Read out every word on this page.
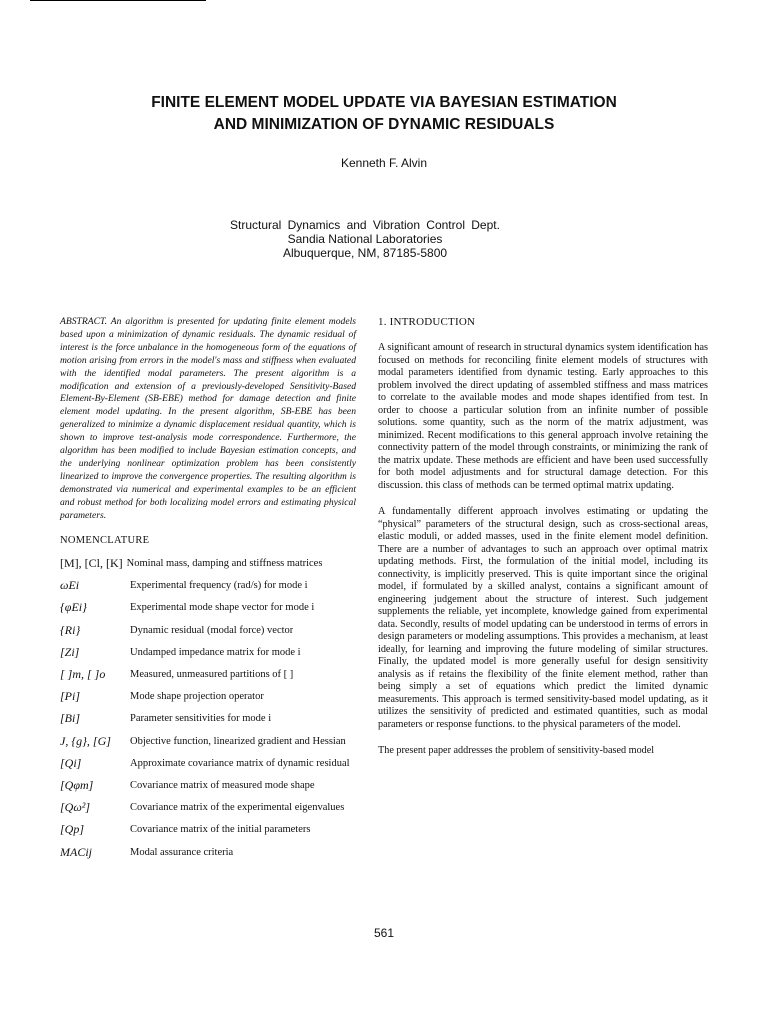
FINITE ELEMENT MODEL UPDATE VIA BAYESIAN ESTIMATION
AND MINIMIZATION OF DYNAMIC RESIDUALS
Kenneth F. Alvin
Structural Dynamics and Vibration Control Dept.
Sandia National Laboratories
Albuquerque, NM, 87185-5800

ABSTRACT. An algorithm is presented for updating finite element models based upon a minimization of dynamic residuals. The dynamic residual of interest is the force unbalance in the homogeneous form of the equations of motion arising from errors in the model's mass and stiffness when evaluated with the identified modal parameters. The present algorithm is a modification and extension of a previously-developed Sensitivity-Based Element-By-Element (SB-EBE) method for damage detection and finite element model updating. In the present algorithm, SB-EBE has been generalized to minimize a dynamic displacement residual quantity, which is shown to improve test-analysis mode correspondence. Furthermore, the algorithm has been modified to include Bayesian estimation concepts, and the underlying nonlinear optimization problem has been consistently linearized to improve the convergence properties. The resulting algorithm is demonstrated via numerical and experimental examples to be an efficient and robust method for both localizing model errors and estimating physical parameters.

NOMENCLATURE
[M], [Cl, [K] Nominal mass, damping and stiffness matrices
ωEi	Experimental frequency (rad/s) for mode i
{φEi}	Experimental mode shape vector for mode i
{Ri}	Dynamic residual (modal force) vector
[Zi]	Undamped impedance matrix for mode i
[ ]m, [ ]o	Measured, unmeasured partitions of [ ]
[Pi]	Mode shape projection operator
[Bi]	Parameter sensitivities for mode i
J, {g}, [G]	Objective function, linearized gradient and Hessian
[Qi]	Approximate covariance matrix of dynamic residual
[Qφm]	Covariance matrix of measured mode shape
[Qω²]	Covariance matrix of the experimental eigenvalues
[Qp]	Covariance matrix of the initial parameters
MACij	Modal assurance criteria
1. INTRODUCTION

A significant amount of research in structural dynamics system identification has focused on methods for reconciling finite element models of structures with modal parameters identified from dynamic testing. Early approaches to this problem involved the direct updating of assembled stiffness and mass matrices to correlate to the available modes and mode shapes identified from test. In order to choose a particular solution from an infinite number of possible solutions. some quantity, such as the norm of the matrix adjustment, was minimized. Recent modifications to this general approach involve retaining the connectivity pattern of the model through constraints, or minimizing the rank of the matrix update. These methods are efficient and have been used successfully for both model adjustments and for structural damage detection. For this discussion. this class of methods can be termed optimal matrix updating.

A fundamentally different approach involves estimating or updating the “physical” parameters of the structural design, such as cross-sectional areas, elastic moduli, or added masses, used in the finite element model definition. There are a number of advantages to such an approach over optimal matrix updating methods. First, the formulation of the initial model, including its connectivity, is implicitly preserved. This is quite important since the original model, if formulated by a skilled analyst, contains a significant amount of engineering judgement about the structure of interest. Such judgement supplements the reliable, yet incomplete, knowledge gained from experimental data. Secondly, results of model updating can be understood in terms of errors in design parameters or modeling assumptions. This provides a mechanism, at least ideally, for learning and improving the future modeling of similar structures. Finally, the updated model is more generally useful for design sensitivity analysis as if retains the flexibility of the finite element method, rather than being simply a set of equations which predict the limited dynamic measurements. This approach is termed sensitivity-based model updating, as it utilizes the sensitivity of predicted and estimated quantities, such as modal parameters or response functions. to the physical parameters of the model.

The present paper addresses the problem of sensitivity-based model

561
